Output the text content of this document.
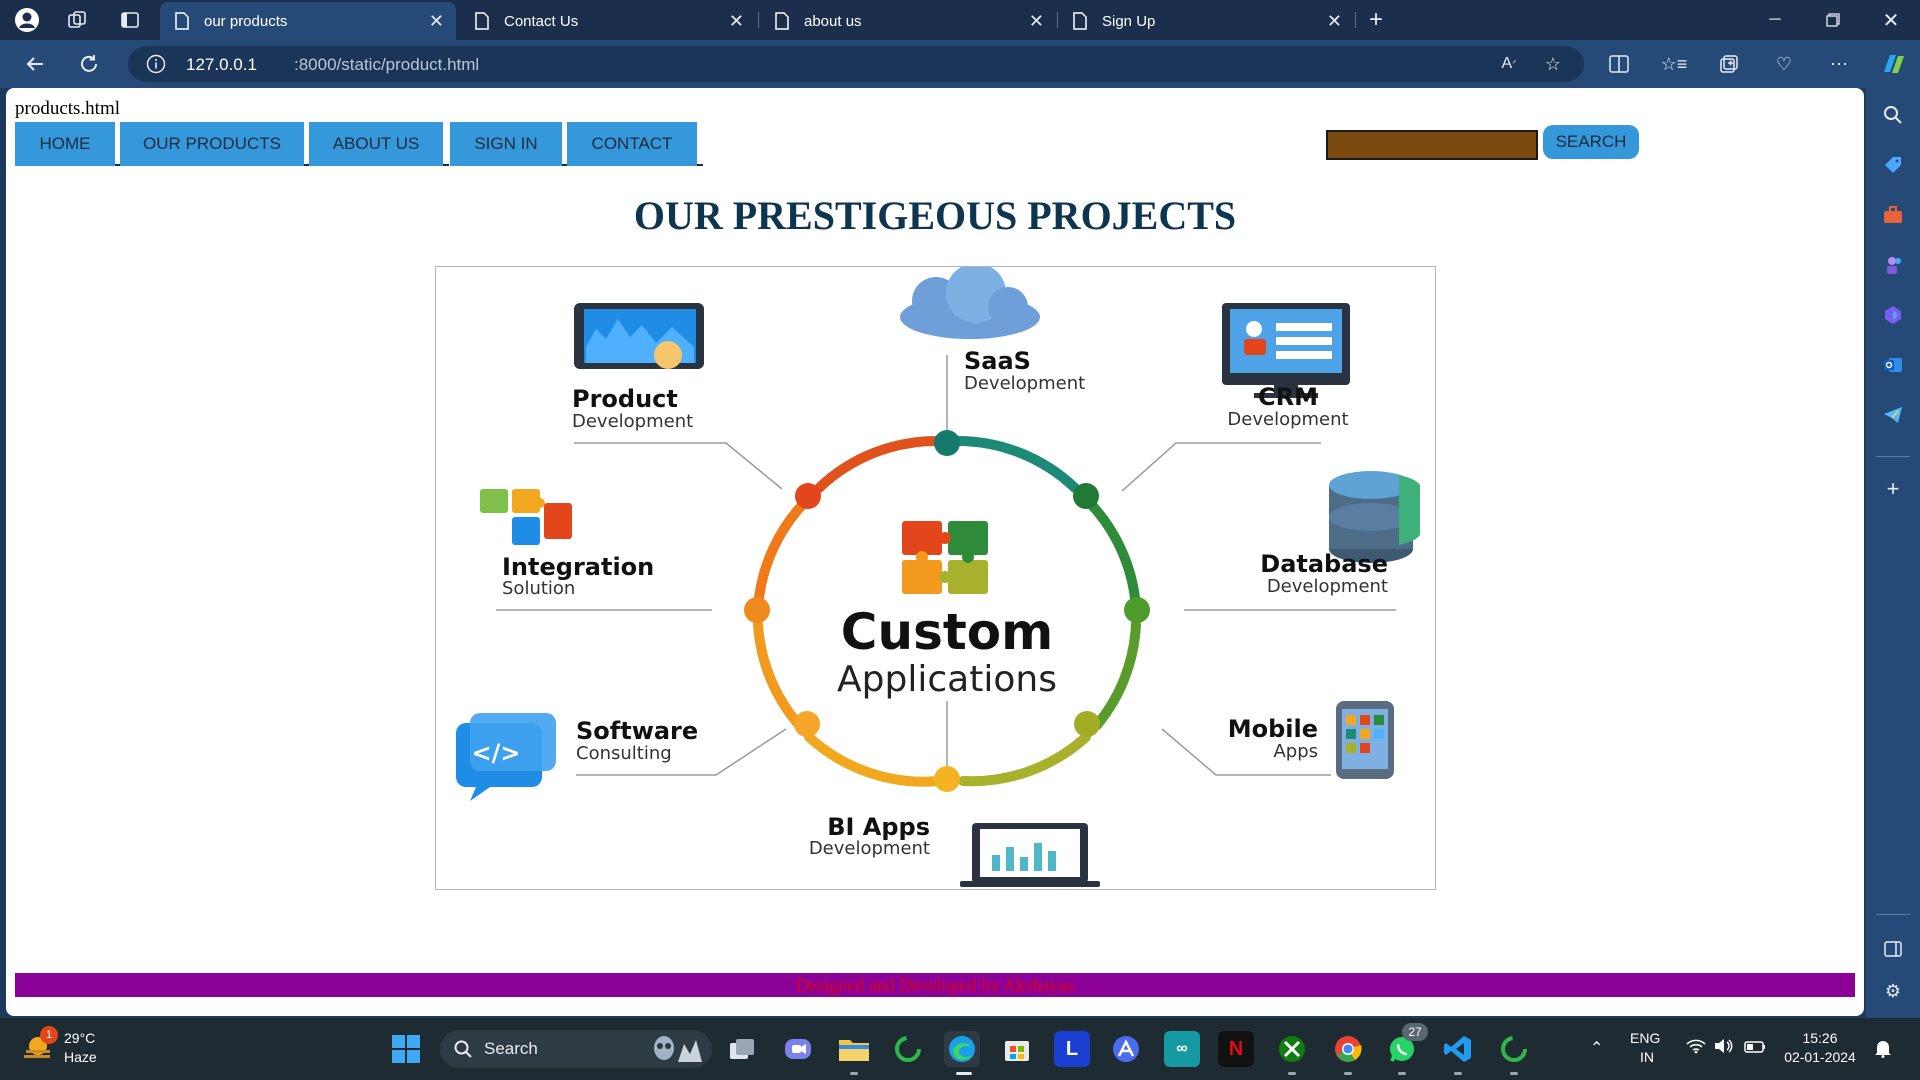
our products	✕	Contact Us	✕	about us	✕	Sign Up	✕	+	─	✕
127.0.0.1 :8000/static/product.html	A ᐟ	☆	☆≡	♡	⋯
+
⚙
products.html
HOME	OUR PRODUCTS	ABOUT US	SIGN IN	CONTACT	SEARCH
OUR PRESTIGEOUS PROJECTS
Custom
Applications
Product
Development
SaaS
Development	CRM
Development
Database
Development
Mobile
Apps
BI Apps
Development
</>
Software
Consulting
Integration
Solution
Designed and Developed by Akshayaa
1 29°C
Haze	Search	L	∞	N
27
⌃
ENG
IN
15:26
02-01-2024
